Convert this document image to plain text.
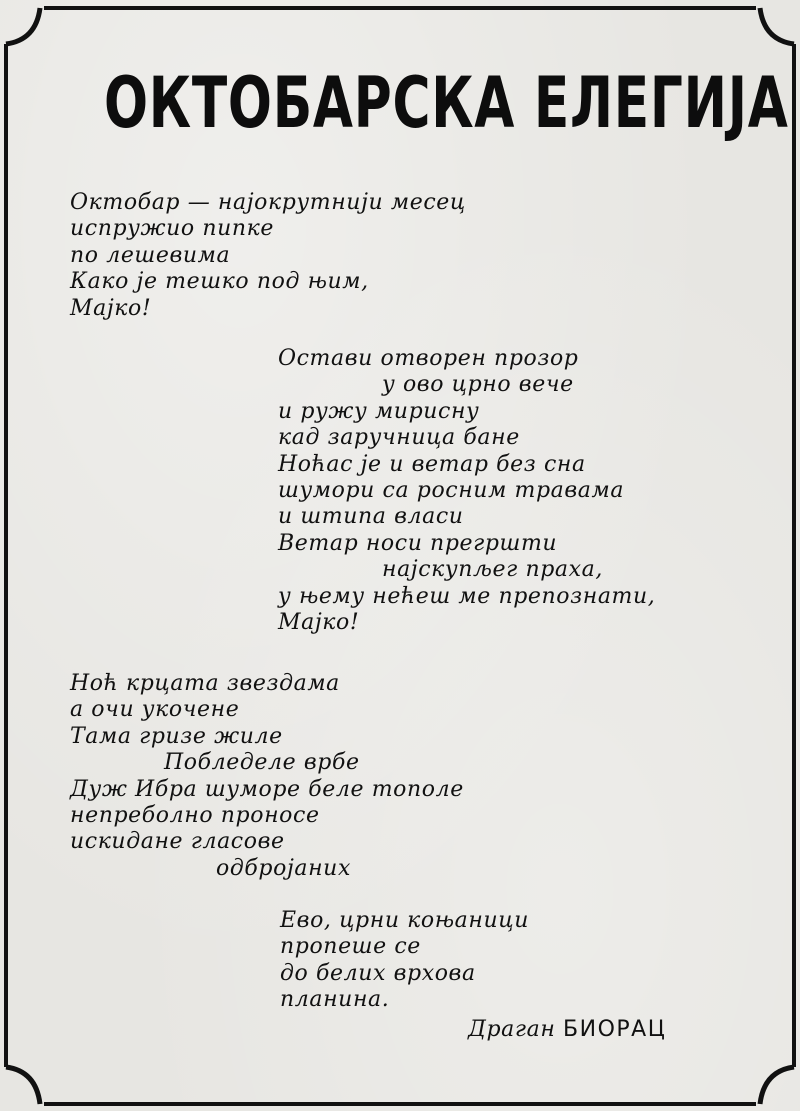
ОКТОБАРСКА ЕЛЕГИЈА
Октобар — најокрутнији месец
испружио пипке
по лешевима
Како је тешко под њим,
Мајко!
Остави отворен прозор
у ово црно вече
и ружу мирисну
кад заручница бане
Ноћас је и ветар без сна
шумори са росним травама
и штипа власи
Ветар носи прегршти
најскупљег праха,
у њему нећеш ме препознати,
Мајко!
Ноћ крцата звездама
а очи укочене
Тама гризе жиле
Побледеле врбе
Дуж Ибра шуморе беле тополе
непреболно проносе
искидане гласове
одбројаних
Ево, црни коњаници
пропеше се
до белих врхова
планина.
Драган БИОРАЦ
